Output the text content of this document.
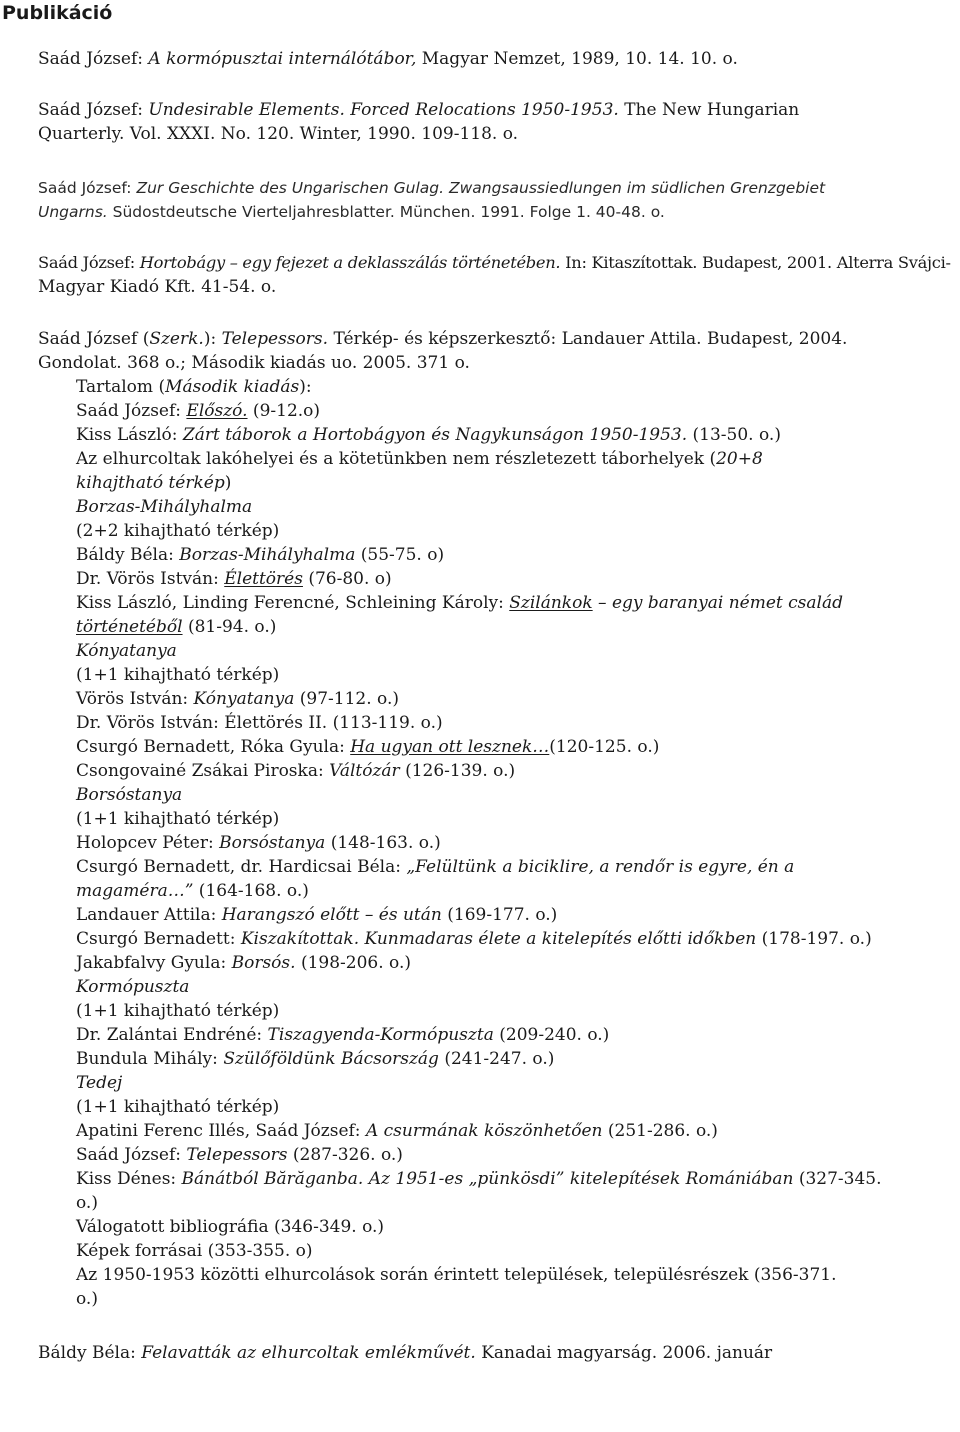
Publikáció
Saád József: A kormópusztai internálótábor, Magyar Nemzet, 1989, 10. 14. 10. o.
Saád József: Undesirable Elements. Forced Relocations 1950-1953. The New Hungarian
Quarterly. Vol. XXXI. No. 120. Winter, 1990. 109-118. o.
Saád József: Zur Geschichte des Ungarischen Gulag. Zwangsaussiedlungen im südlichen Grenzgebiet
Ungarns. Südostdeutsche Vierteljahresblatter. München. 1991. Folge 1. 40-48. o.
Saád József: Hortobágy – egy fejezet a deklasszálás történetében. In: Kitaszítottak. Budapest, 2001. Alterra Svájci-
Magyar Kiadó Kft. 41-54. o.
Saád József (Szerk.): Telepessors. Térkép- és képszerkesztő: Landauer Attila. Budapest, 2004.
Gondolat. 368 o.; Második kiadás uo. 2005. 371 o.
Tartalom (Második kiadás):
Saád József: Előszó. (9-12.o)
Kiss László: Zárt táborok a Hortobágyon és Nagykunságon 1950-1953. (13-50. o.)
Az elhurcoltak lakóhelyei és a kötetünkben nem részletezett táborhelyek (20+8
kihajtható térkép)
Borzas-Mihályhalma
(2+2 kihajtható térkép)
Báldy Béla: Borzas-Mihályhalma (55-75. o)
Dr. Vörös István: Élettörés (76-80. o)
Kiss László, Linding Ferencné, Schleining Károly: Szilánkok – egy baranyai német család
történetéből (81-94. o.)
Kónyatanya
(1+1 kihajtható térkép)
Vörös István: Kónyatanya (97-112. o.)
Dr. Vörös István: Élettörés II. (113-119. o.)
Csurgó Bernadett, Róka Gyula: Ha ugyan ott lesznek…(120-125. o.)
Csongovainé Zsákai Piroska: Váltózár (126-139. o.)
Borsóstanya
(1+1 kihajtható térkép)
Holopcev Péter: Borsóstanya (148-163. o.)
Csurgó Bernadett, dr. Hardicsai Béla: „Felültünk a biciklire, a rendőr is egyre, én a
magaméra…” (164-168. o.)
Landauer Attila: Harangszó előtt – és után (169-177. o.)
Csurgó Bernadett: Kiszakítottak. Kunmadaras élete a kitelepítés előtti időkben (178-197. o.)
Jakabfalvy Gyula: Borsós. (198-206. o.)
Kormópuszta
(1+1 kihajtható térkép)
Dr. Zalántai Endréné: Tiszagyenda-Kormópuszta (209-240. o.)
Bundula Mihály: Szülőföldünk Bácsország (241-247. o.)
Tedej
(1+1 kihajtható térkép)
Apatini Ferenc Illés, Saád József: A csurmának köszönhetően (251-286. o.)
Saád József: Telepessors (287-326. o.)
Kiss Dénes: Bánátból Bărăganba. Az 1951-es „pünkösdi” kitelepítések Romániában (327-345.
o.)
Válogatott bibliográfia (346-349. o.)
Képek forrásai (353-355. o)
Az 1950-1953 közötti elhurcolások során érintett települések, településrészek (356-371.
o.)
Báldy Béla: Felavatták az elhurcoltak emlékművét. Kanadai magyarság. 2006. január
